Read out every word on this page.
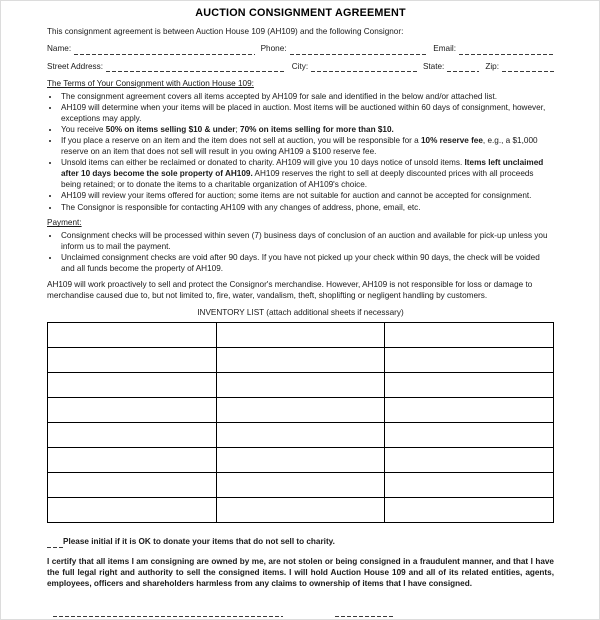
AUCTION CONSIGNMENT AGREEMENT

This consignment agreement is between Auction House 109 (AH109) and the following Consignor:

Name:	Phone:	Email:
Street Address:	City:	State:	Zip:
The Terms of Your Consignment with Auction House 109:
• The consignment agreement covers all items accepted by AH109 for sale and identified in the below and/or attached list.
• AH109 will determine when your items will be placed in auction. Most items will be auctioned within 60 days of consignment, however, exceptions may apply.
• You receive 50% on items selling $10 & under; 70% on items selling for more than $10.
• If you place a reserve on an item and the item does not sell at auction, you will be responsible for a 10% reserve fee, e.g., a $1,000 reserve on an item that does not sell will result in you owing AH109 a $100 reserve fee.
• Unsold items can either be reclaimed or donated to charity. AH109 will give you 10 days notice of unsold items. Items left unclaimed after 10 days become the sole property of AH109. AH109 reserves the right to sell at deeply discounted prices with all proceeds being retained; or to donate the items to a charitable organization of AH109's choice.
• AH109 will review your items offered for auction; some items are not suitable for auction and cannot be accepted for consignment.
• The Consignor is responsible for contacting AH109 with any changes of address, phone, email, etc.
Payment:
• Consignment checks will be processed within seven (7) business days of conclusion of an auction and available for pick-up unless you inform us to mail the payment.
• Unclaimed consignment checks are void after 90 days. If you have not picked up your check within 90 days, the check will be voided and all funds become the property of AH109.

AH109 will work proactively to sell and protect the Consignor's merchandise. However, AH109 is not responsible for loss or damage to merchandise caused due to, but not limited to, fire, water, vandalism, theft, shoplifting or negligent handling by customers.

INVENTORY LIST (attach additional sheets if necessary)

Please initial if it is OK to donate your items that do not sell to charity.

I certify that all items I am consigning are owned by me, are not stolen or being consigned in a fraudulent manner, and that I have the full legal right and authority to sell the consigned items. I will hold Auction House 109 and all of its related entities, agents, employees, officers and shareholders harmless from any claims to ownership of items that I have consigned.
